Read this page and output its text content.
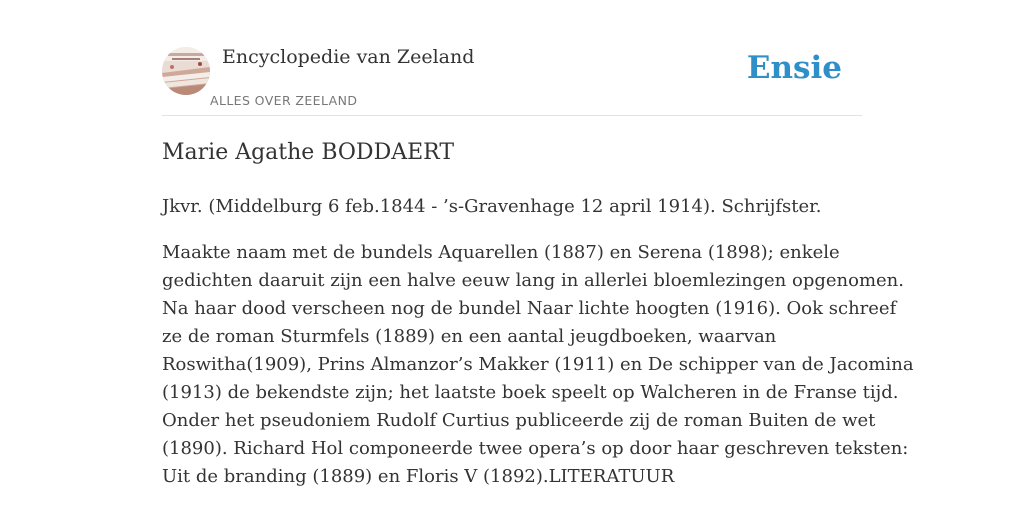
Encyclopedie van Zeeland
ALLES OVER ZEELAND
Ensie
Marie Agathe BODDAERT

Jkvr. (Middelburg 6 feb.1844 - ’s-Gravenhage 12 april 1914). Schrijfster.

Maakte naam met de bundels Aquarellen (1887) en Serena (1898); enkele
gedichten daaruit zijn een halve eeuw lang in allerlei bloemlezingen opgenomen.
Na haar dood verscheen nog de bundel Naar lichte hoogten (1916). Ook schreef
ze de roman Sturmfels (1889) en een aantal jeugdboeken, waarvan
Roswitha(1909), Prins Almanzor’s Makker (1911) en De schipper van de Jacomina
(1913) de bekendste zijn; het laatste boek speelt op Walcheren in de Franse tijd.
Onder het pseudoniem Rudolf Curtius publiceerde zij de roman Buiten de wet
(1890). Richard Hol componeerde twee opera’s op door haar geschreven teksten:
Uit de branding (1889) en Floris V (1892).LITERATUUR
